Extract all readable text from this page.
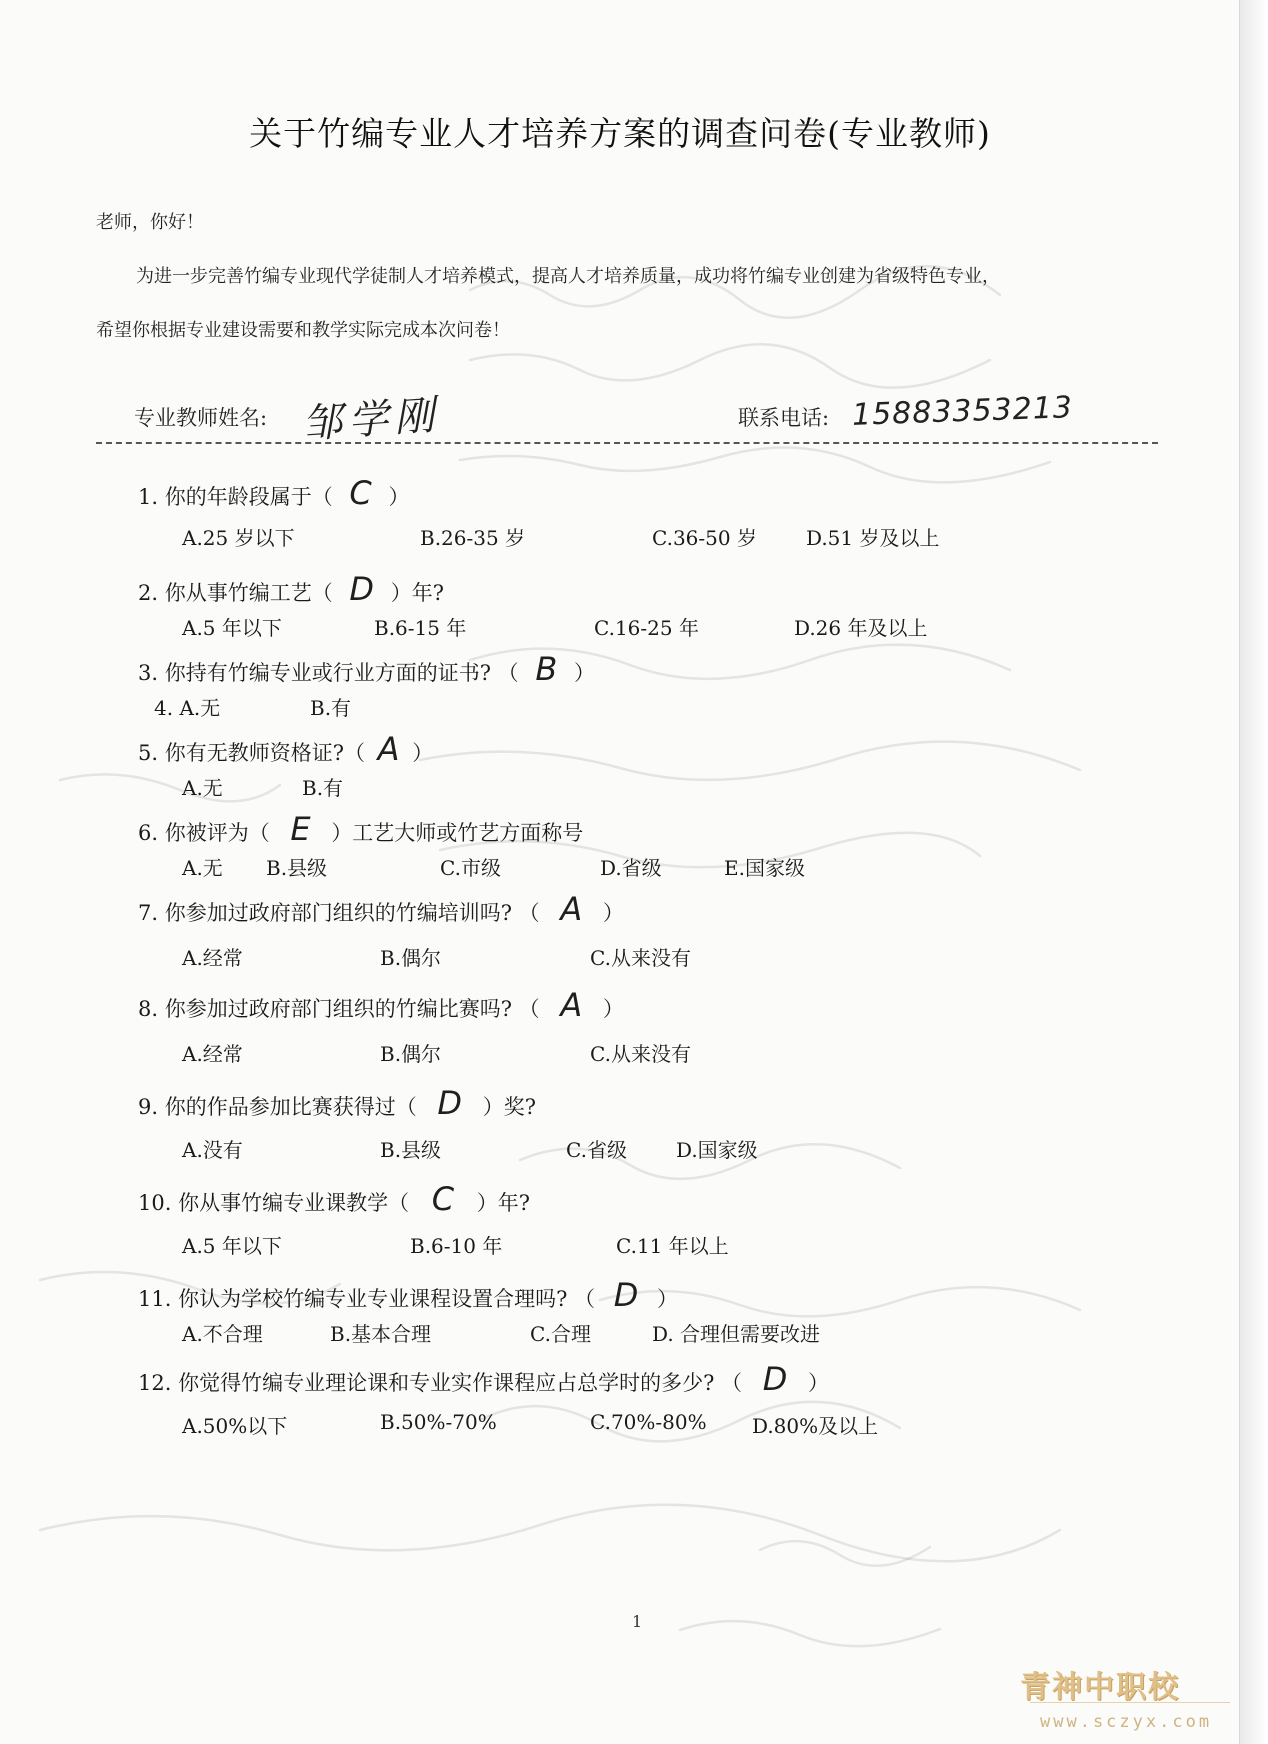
关于竹编专业人才培养方案的调查问卷(专业教师)
老师，你好！
为进一步完善竹编专业现代学徒制人才培养模式，提高人才培养质量，成功将竹编专业创建为省级特色专业，
希望你根据专业建设需要和教学实际完成本次问卷！
专业教师姓名: 邹学刚	联系电话: 15883353213
1. 你的年龄段属于（ C ）
A.25 岁以下	B.26-35 岁	C.36-50 岁 D.51 岁及以上
2. 你从事竹编工艺（ D ）年?
A.5 年以下	B.6-15 年	C.16-25 年	D.26 年及以上
3. 你持有竹编专业或行业方面的证书? （ B ）
4. A.无	B.有
5. 你有无教师资格证?（ A ）
A.无	B.有
6. 你被评为（ E ）工艺大师或竹艺方面称号
A.无 B.县级	C.市级	D.省级	E.国家级
7. 你参加过政府部门组织的竹编培训吗? （ A ）
A.经常	B.偶尔	C.从来没有
8. 你参加过政府部门组织的竹编比赛吗? （ A ）
A.经常	B.偶尔	C.从来没有
9. 你的作品参加比赛获得过（ D ）奖?
A.没有	B.县级	C.省级 D.国家级
10. 你从事竹编专业课教学（ C ）年?
A.5 年以下	B.6-10 年	C.11 年以上
11. 你认为学校竹编专业专业课程设置合理吗? （ D ）
A.不合理	B.基本合理	C.合理	D. 合理但需要改进
12. 你觉得竹编专业理论课和专业实作课程应占总学时的多少? （ D ）
A.50%以下	B.50%-70%	C.70%-80% D.80%及以上
1
青神中职校
www.sczyx.com
